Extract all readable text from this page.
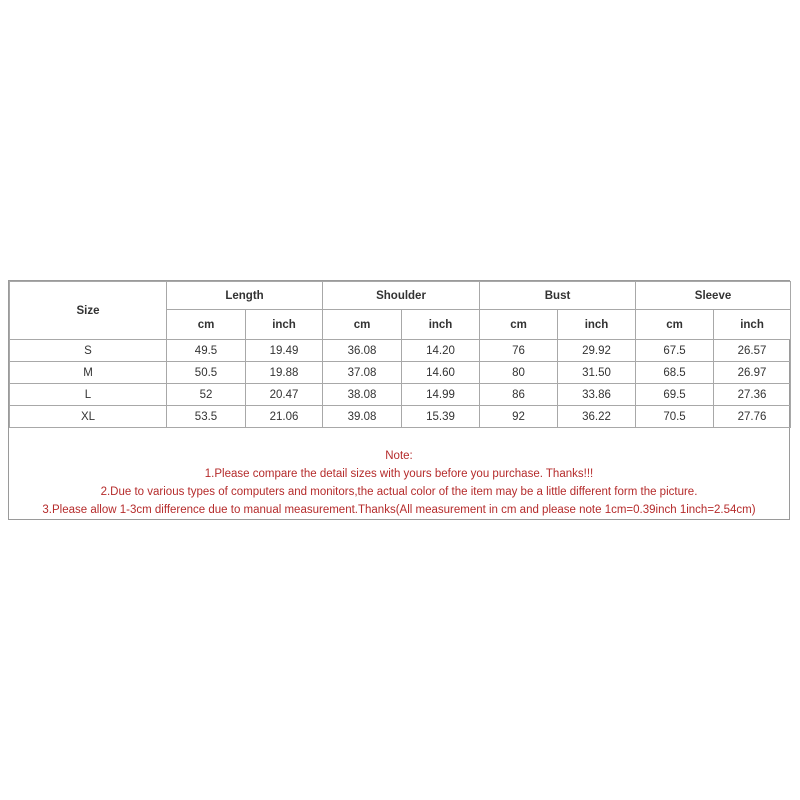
Size	Length		Shoulder		Bust		Sleeve	
	cm	inch	cm	inch	cm	inch	cm	inch
S	49.5	19.49	36.08	14.20	76	29.92	67.5	26.57
M	50.5	19.88	37.08	14.60	80	31.50	68.5	26.97
L	52	20.47	38.08	14.99	86	33.86	69.5	27.36
XL	53.5	21.06	39.08	15.39	92	36.22	70.5	27.76
Note:
1.Please compare the detail sizes with yours before you purchase. Thanks!!!
2.Due to various types of computers and monitors,the actual color of the item may be a little different form the picture.
3.Please allow 1-3cm difference due to manual measurement.Thanks(All measurement in cm and please note 1cm=0.39inch 1inch=2.54cm)
